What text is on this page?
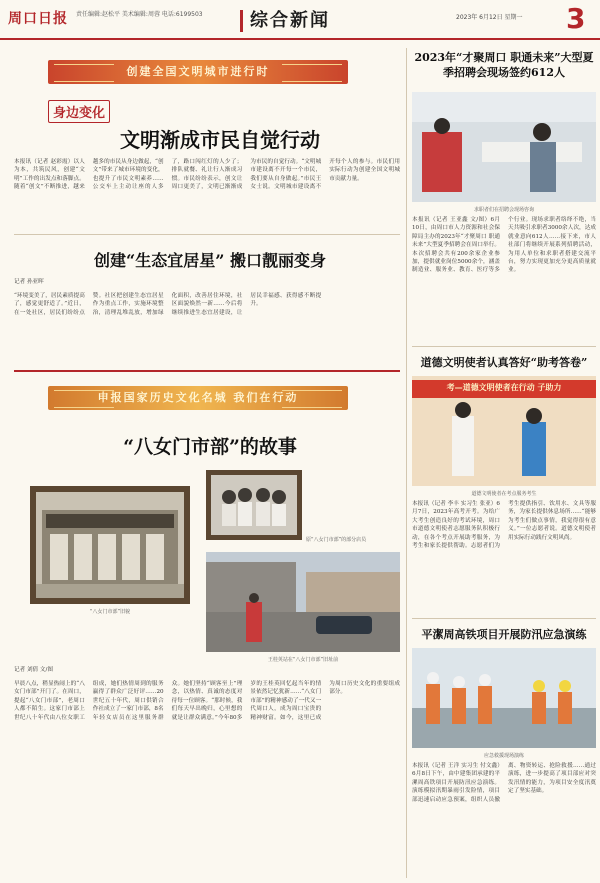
周口日报 责任编辑:赵松平 美术编辑:周蓉 电话:6199503	综合新闻	2023年 6月12日 星期一 3
创建全国文明城市进行时
身边变化
文明渐成市民自觉行动
本报讯（记者 赵彩霞）以人为本，共筑民风，创建“文明”工作的出发点和落脚点。随着“创文”不断推进，越来越多的市民从身边做起，“创文”带来了城市环境的变化，也提升了市民文明素养……公交车上主动让座的人多了，路口闯红灯的人少了；排队就餐、礼让行人渐成习惯。市民纷纷表示，创文让周口更美了，文明已渐渐成为市民的自觉行动。“文明城市建设离不开每一个市民，我们要从自身做起。”市民王女士说。文明城市建设离不开每个人的参与。市民们用实际行动为创建全国文明城市贡献力量。
创建“生态宜居星” 搬口靓丽变身
记者 孙亚晖
“环境变美了，居民素质提高了，感觉更舒适了。”近日，在一处社区，居民们纷纷点赞。社区把创建生态宜居星作为重点工作，实施环境整治，清理乱堆乱放，增加绿化面积，改善居住环境，社区面貌焕然一新……今后将继续推进生态宜居建设，让居民幸福感、获得感不断提升。
申报国家历史文化名城 我们在行动
“八女门市部”的故事
“八女门市部”旧貌
原“八女门市部”的部分店员
王桂英站在“八女门市部”旧址前
记者 刘倩 文/图
早晨八点，稍显热闹上的“八女门市部”开门了。在周口，提起“八女门市部”，老周口人都不陌生。这家门市部上世纪八十年代由八位女职工组成，她们热情周到的服务赢得了群众广泛好评……20世纪五十年代，周口供销合作社成立了一家门市部，8名年轻女店员在这里服务群众。她们坚持“顾客至上”理念，以热情、真诚的态度对待每一位顾客。“那时候，我们每天早出晚归，心里想的就是让群众满意。”今年80多岁的王桂英回忆起当年的情景依然记忆犹新……“八女门市部”的精神感动了一代又一代周口人，成为周口宝贵的精神财富。如今，这里已成为周口历史文化的重要组成部分。
2023年“才聚周口 职通未来”大型夏季招聘会现场签约612人
求职者们在招聘会现场咨询
本报讯（记者 王亚鑫 文/图）6月10日，由周口市人力资源和社会保障局主办的2023年“才聚周口 职通未来”大型夏季招聘会在周口举行。本次招聘会共有200余家企业参加，提供就业岗位5000余个，涵盖制造业、服务业、教育、医疗等多个行业。现场求职者络绎不绝，当天共吸引求职者3000余人次，达成就业意向612人……接下来，市人社部门将继续开展系列招聘活动，为用人单位和求职者搭建交流平台，努力实现更加充分更高质量就业。
道德文明使者认真答好“助考答卷”
考—道德文明使者在行动 子助力
道德文明使者在考点服务考生
本报讯（记者 李丰 实习生 张亚）6月7日，2023年高考开考。为给广大考生创造良好的考试环境，周口市道德文明使者志愿服务队积极行动，在各个考点开展助考服务，为考生和家长提供帮助。志愿者们为考生提供指引、饮用水、文具等服务，为家长提供休息场所……“能够为考生们做点事情，我觉得很有意义。”一位志愿者说。道德文明使者用实际行动践行文明风尚。
平潔周高铁项目开展防汛应急演练
应急救援现场演练
本报讯（记者 王洋 实习生 付文鑫）6月8日下午，由中建集团承建的平漯周高铁项目开展防汛应急演练。演练模拟汛期暴雨引发险情，项目部迅速启动应急预案，组织人员撤离、物资转运、抢险救援……通过演练，进一步提高了项目部应对突发汛情的能力，为项目安全度汛奠定了坚实基础。
